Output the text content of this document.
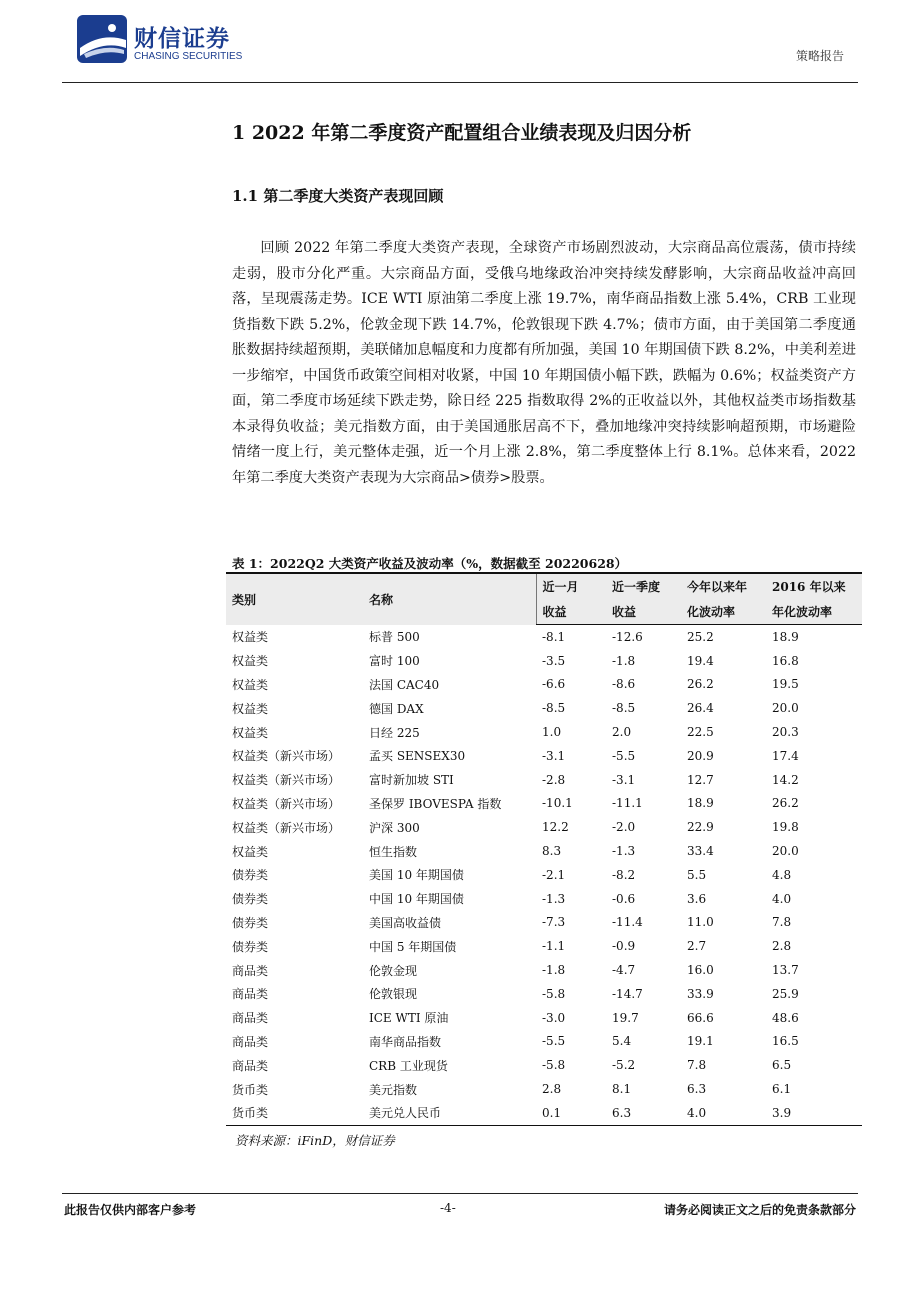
财信证券
CHASING SECURITIES	策略报告
1 2022 年第二季度资产配置组合业绩表现及归因分析
1.1 第二季度大类资产表现回顾

回顾 2022 年第二季度大类资产表现，全球资产市场剧烈波动，大宗商品高位震荡，债市持续走弱，股市分化严重。大宗商品方面，受俄乌地缘政治冲突持续发酵影响，大宗商品收益冲高回落，呈现震荡走势。ICE WTI 原油第二季度上涨 19.7%，南华商品指数上涨 5.4%，CRB 工业现货指数下跌 5.2%，伦敦金现下跌 14.7%，伦敦银现下跌 4.7%；债市方面，由于美国第二季度通胀数据持续超预期，美联储加息幅度和力度都有所加强，美国 10 年期国债下跌 8.2%，中美利差进一步缩窄，中国货币政策空间相对收紧，中国 10 年期国债小幅下跌，跌幅为 0.6%；权益类资产方面，第二季度市场延续下跌走势，除日经 225 指数取得 2%的正收益以外，其他权益类市场指数基本录得负收益；美元指数方面，由于美国通胀居高不下，叠加地缘冲突持续影响超预期，市场避险情绪一度上行，美元整体走强，近一个月上涨 2.8%，第二季度整体上行 8.1%。总体来看，2022 年第二季度大类资产表现为大宗商品>债券>股票。

表 1：2022Q2 大类资产收益及波动率（%，数据截至 20220628）

类别	名称	近一月	近一季度	今年以来年	2016 年以来
		收益	收益	化波动率	年化波动率
权益类	标普 500	-8.1	-12.6	25.2	18.9
权益类	富时 100	-3.5	-1.8	19.4	16.8
权益类	法国 CAC40	-6.6	-8.6	26.2	19.5
权益类	德国 DAX	-8.5	-8.5	26.4	20.0
权益类	日经 225	1.0	2.0	22.5	20.3
权益类（新兴市场）	孟买 SENSEX30	-3.1	-5.5	20.9	17.4
权益类（新兴市场）	富时新加坡 STI	-2.8	-3.1	12.7	14.2
权益类（新兴市场）	圣保罗 IBOVESPA 指数	-10.1	-11.1	18.9	26.2
权益类（新兴市场）	沪深 300	12.2	-2.0	22.9	19.8
权益类	恒生指数	8.3	-1.3	33.4	20.0
债券类	美国 10 年期国债	-2.1	-8.2	5.5	4.8
债券类	中国 10 年期国债	-1.3	-0.6	3.6	4.0
债券类	美国高收益债	-7.3	-11.4	11.0	7.8
债券类	中国 5 年期国债	-1.1	-0.9	2.7	2.8
商品类	伦敦金现	-1.8	-4.7	16.0	13.7
商品类	伦敦银现	-5.8	-14.7	33.9	25.9
商品类	ICE WTI 原油	-3.0	19.7	66.6	48.6
商品类	南华商品指数	-5.5	5.4	19.1	16.5
商品类	CRB 工业现货	-5.8	-5.2	7.8	6.5
货币类	美元指数	2.8	8.1	6.3	6.1
货币类	美元兑人民币	0.1	6.3	4.0	3.9

资料来源：iFinD，财信证券

此报告仅供内部客户参考	-4-	请务必阅读正文之后的免责条款部分
